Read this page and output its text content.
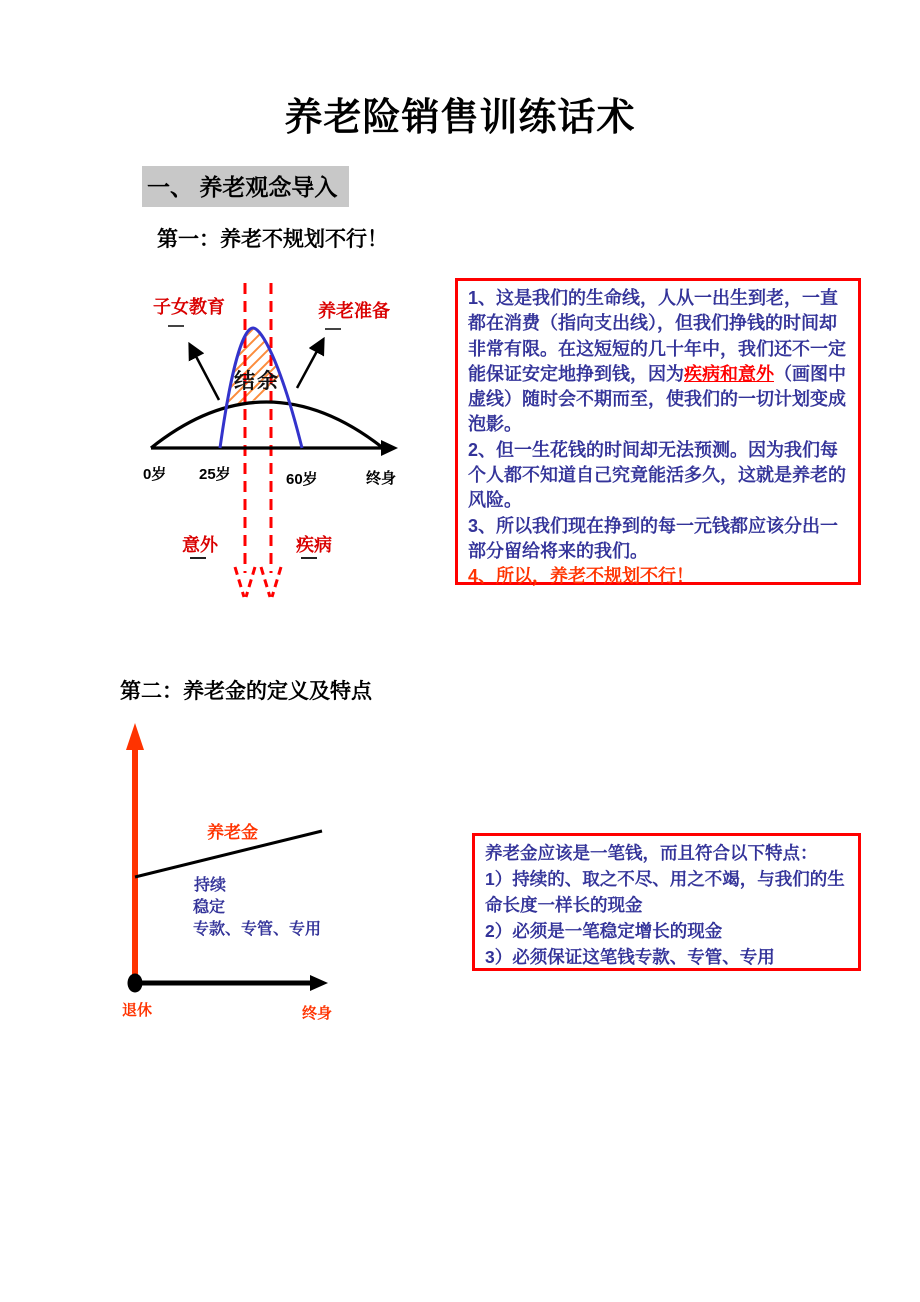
养老险销售训练话术
一、 养老观念导入
第一：养老不规划不行！
子女教育	养老准备
结余
0岁 25岁	60岁	终身
意外	疾病

1、这是我们的生命线，人从一出生到老，一直都在消费（指向支出线），但我们挣钱的时间却非常有限。在这短短的几十年中，我们还不一定能保证安定地挣到钱，因为疾病和意外（画图中虚线）随时会不期而至，使我们的一切计划变成泡影。

2、但一生花钱的时间却无法预测。因为我们每个人都不知道自己究竟能活多久，这就是养老的风险。

3、所以我们现在挣到的每一元钱都应该分出一部分留给将来的我们。

4、所以，养老不规划不行！

第二：养老金的定义及特点
养老金
持续
稳定
专款、专管、专用
退休	终身

养老金应该是一笔钱，而且符合以下特点：

1）持续的、取之不尽、用之不竭，与我们的生命长度一样长的现金

2）必须是一笔稳定增长的现金

3）必须保证这笔钱专款、专管、专用
